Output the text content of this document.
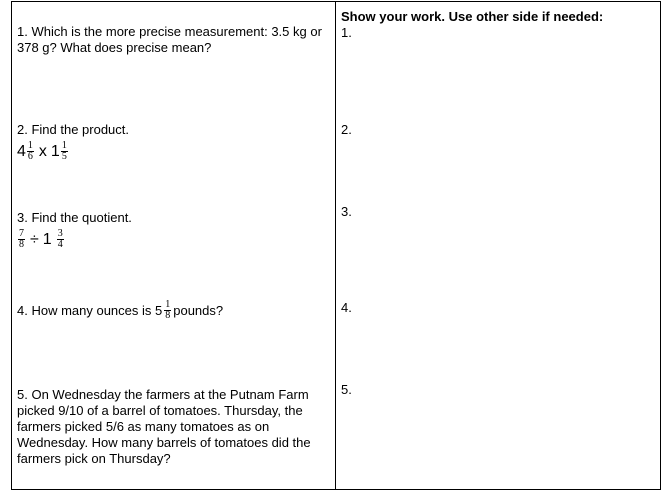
1. Which is the more precise measurement: 3.5 kg or 378 g? What does precise mean?
2. Find the product.
$4 \frac{1}{6}$ x $1 \frac{1}{5}$
3. Find the quotient.
$\frac{7}{8} \div 1 \frac{3}{4}$
4. How many ounces is $5 \frac{1}{8}$ pounds?
5. On Wednesday the farmers at the Putnam Farm picked 9/10 of a barrel of tomatoes. Thursday, the farmers picked 5/6 as many tomatoes as on Wednesday. How many barrels of tomatoes did the farmers pick on Thursday?
Show your work. Use other side if needed:
1.
2.
3.
4.
5.
